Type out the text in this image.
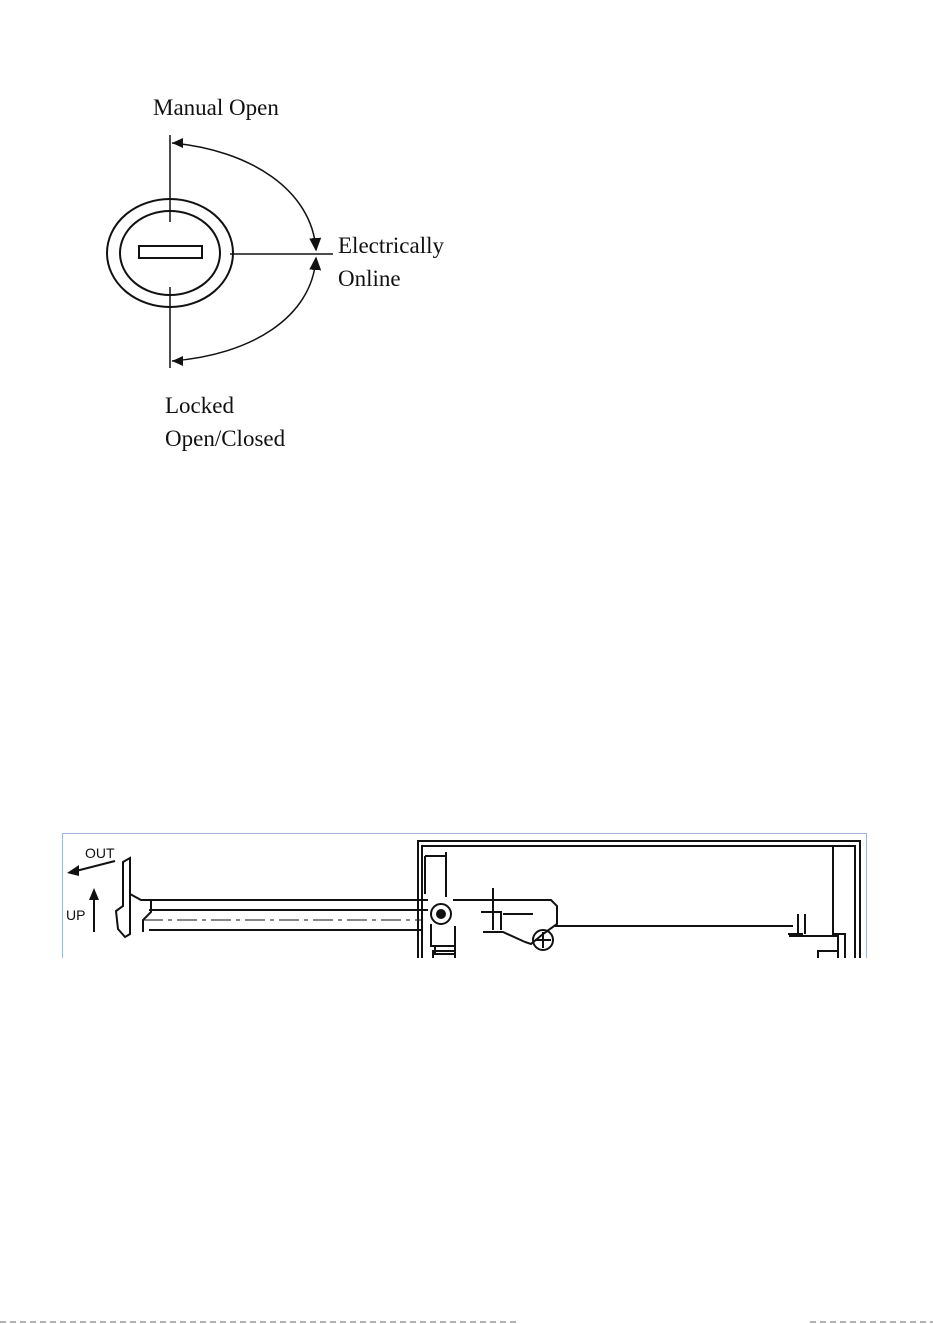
Manual Open
Electrically
Online
Locked
Open/Closed
OUT
UP
